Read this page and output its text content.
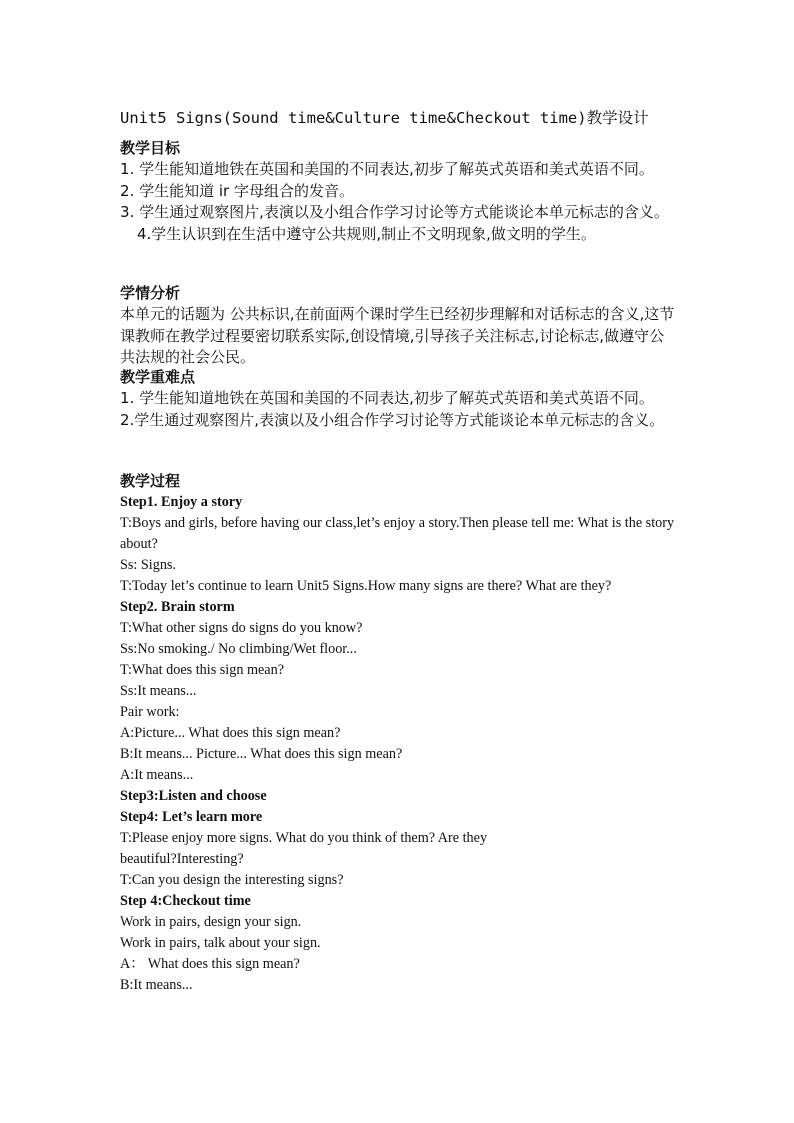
Unit5 Signs(Sound time&Culture time&Checkout time)教学设计

教学目标

1. 学生能知道地铁在英国和美国的不同表达,初步了解英式英语和美式英语不同。

2. 学生能知道 ir 字母组合的发音。

3. 学生通过观察图片,表演以及小组合作学习讨论等方式能谈论本单元标志的含义。

4.学生认识到在生活中遵守公共规则,制止不文明现象,做文明的学生。

学情分析

本单元的话题为 公共标识,在前面两个课时学生已经初步理解和对话标志的含义,这节课教师在教学过程要密切联系实际,创设情境,引导孩子关注标志,讨论标志,做遵守公共法规的社会公民。

教学重难点

1. 学生能知道地铁在英国和美国的不同表达,初步了解英式英语和美式英语不同。

2.学生通过观察图片,表演以及小组合作学习讨论等方式能谈论本单元标志的含义。

教学过程

Step1. Enjoy a story

T:Boys and girls, before having our class,let’s enjoy a story.Then please tell me: What is the story about?

Ss: Signs.

T:Today let’s continue to learn Unit5 Signs.How many signs are there? What are they?

Step2. Brain storm

T:What other signs do signs do you know?

Ss:No smoking./ No climbing/Wet floor...

T:What does this sign mean?

Ss:It means...

Pair work:

A:Picture... What does this sign mean?

B:It means... Picture... What does this sign mean?

A:It means...

Step3:Listen and choose

Step4: Let’s learn more

T:Please enjoy more signs. What do you think of them? Are they

beautiful?Interesting?

T:Can you design the interesting signs?

Step 4:Checkout time

Work in pairs, design your sign.

Work in pairs, talk about your sign.

A： What does this sign mean?

B:It means...
